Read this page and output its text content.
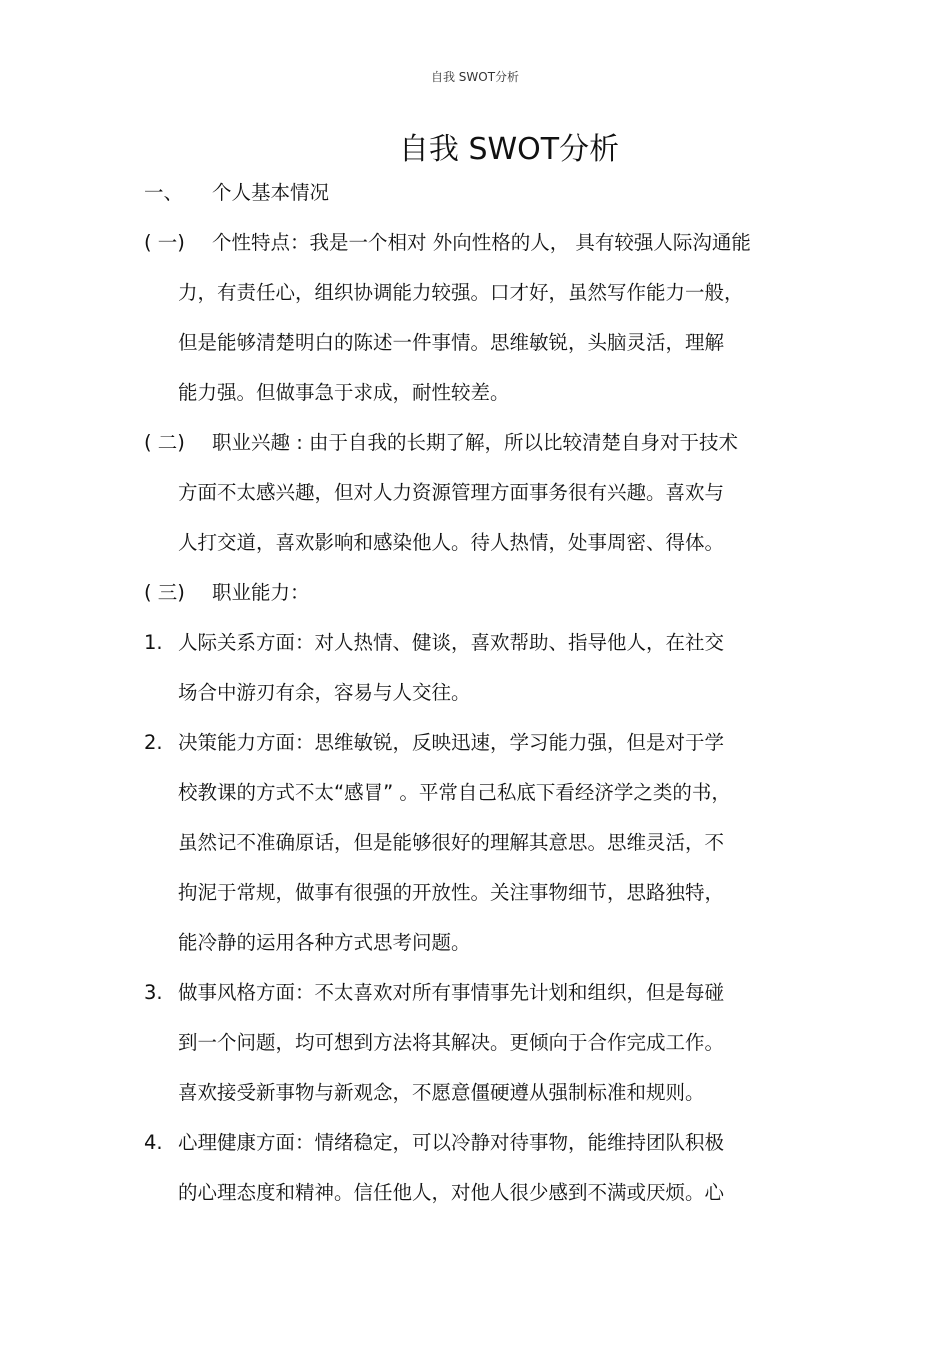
自我 SWOT分析
自我 SWOT分析
一、 个人基本情况
( 一) 个性特点：我是一个相对 外向性格的人， 具有较强人际沟通能
力，有责任心，组织协调能力较强。口才好，虽然写作能力一般，
但是能够清楚明白的陈述一件事情。思维敏锐，头脑灵活，理解
能力强。但做事急于求成，耐性较差。
( 二) 职业兴趣 : 由于自我的长期了解，所以比较清楚自身对于技术
方面不太感兴趣，但对人力资源管理方面事务很有兴趣。喜欢与
人打交道，喜欢影响和感染他人。待人热情，处事周密、得体。
( 三) 职业能力：
1. 人际关系方面：对人热情、健谈，喜欢帮助、指导他人，在社交
场合中游刃有余，容易与人交往。
2. 决策能力方面：思维敏锐，反映迅速，学习能力强，但是对于学
校教课的方式不太“感冒” 。平常自己私底下看经济学之类的书，
虽然记不准确原话，但是能够很好的理解其意思。思维灵活，不
拘泥于常规，做事有很强的开放性。关注事物细节，思路独特，
能冷静的运用各种方式思考问题。
3. 做事风格方面：不太喜欢对所有事情事先计划和组织，但是每碰
到一个问题，均可想到方法将其解决。更倾向于合作完成工作。
喜欢接受新事物与新观念，不愿意僵硬遵从强制标准和规则。
4. 心理健康方面：情绪稳定，可以冷静对待事物，能维持团队积极
的心理态度和精神。信任他人，对他人很少感到不满或厌烦。心
